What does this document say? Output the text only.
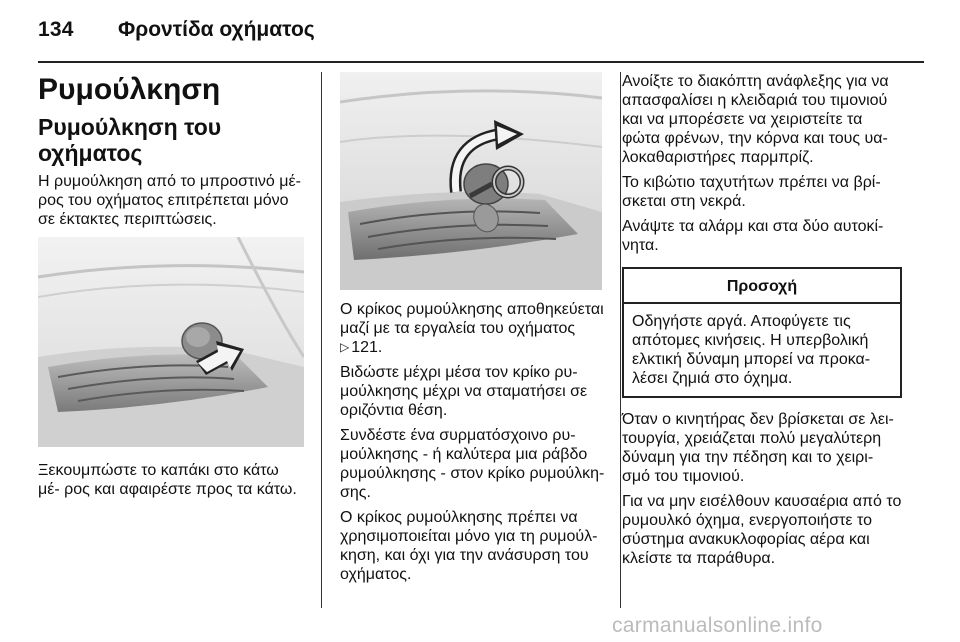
134 Φροντίδα οχήματος
Ρυμούλκηση
Ρυμούλκηση του οχήματος

Η ρυμούλκηση από το μπροστινό μέ- ρος του οχήματος επιτρέπεται μόνο σε έκτακτες περιπτώσεις.

Ξεκουμπώστε το καπάκι στο κάτω μέ- ρος και αφαιρέστε προς τα κάτω.

Ο κρίκος ρυμούλκησης αποθηκεύεται μαζί με τα εργαλεία του οχήματος
▷ 121.

Βιδώστε μέχρι μέσα τον κρίκο ρυ- μούλκησης μέχρι να σταματήσει σε οριζόντια θέση.

Συνδέστε ένα συρματόσχοινο ρυ- μούλκησης - ή καλύτερα μια ράβδο ρυμούλκησης - στον κρίκο ρυμούλκη- σης.

Ο κρίκος ρυμούλκησης πρέπει να χρησιμοποιείται μόνο για τη ρυμούλ- κηση, και όχι για την ανάσυρση του οχήματος.

Ανοίξτε το διακόπτη ανάφλεξης για να απασφαλίσει η κλειδαριά του τιμονιού και να μπορέσετε να χειριστείτε τα φώτα φρένων, την κόρνα και τους υα- λοκαθαριστήρες παρμπρίζ.

Το κιβώτιο ταχυτήτων πρέπει να βρί- σκεται στη νεκρά.

Ανάψτε τα αλάρμ και στα δύο αυτοκί- νητα.

Προσοχή
Οδηγήστε αργά. Αποφύγετε τις απότομες κινήσεις. Η υπερβολική ελκτική δύναμη μπορεί να προκα- λέσει ζημιά στο όχημα.

Όταν ο κινητήρας δεν βρίσκεται σε λει- τουργία, χρειάζεται πολύ μεγαλύτερη δύναμη για την πέδηση και το χειρι- σμό του τιμονιού.

Για να μην εισέλθουν καυσαέρια από το ρυμουλκό όχημα, ενεργοποιήστε το σύστημα ανακυκλοφορίας αέρα και κλείστε τα παράθυρα.

carmanualsonline.info
